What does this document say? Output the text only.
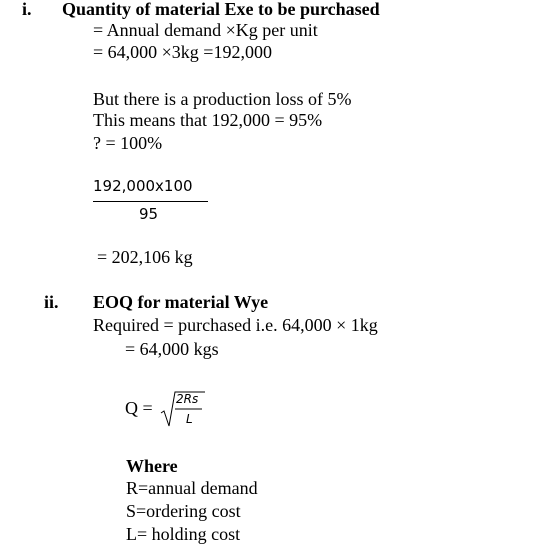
i. Quantity of material Exe to be purchased
= Annual demand ×Kg per unit
= 64,000 ×3kg =192,000
But there is a production loss of 5%
This means that 192,000 = 95%
? = 100%
192,000x100
95
= 202,106 kg
ii. EOQ for material Wye
Required = purchased i.e. 64,000 × 1kg
= 64,000 kgs
Q = 2Rs
L
Where
R=annual demand
S=ordering cost
L= holding cost
